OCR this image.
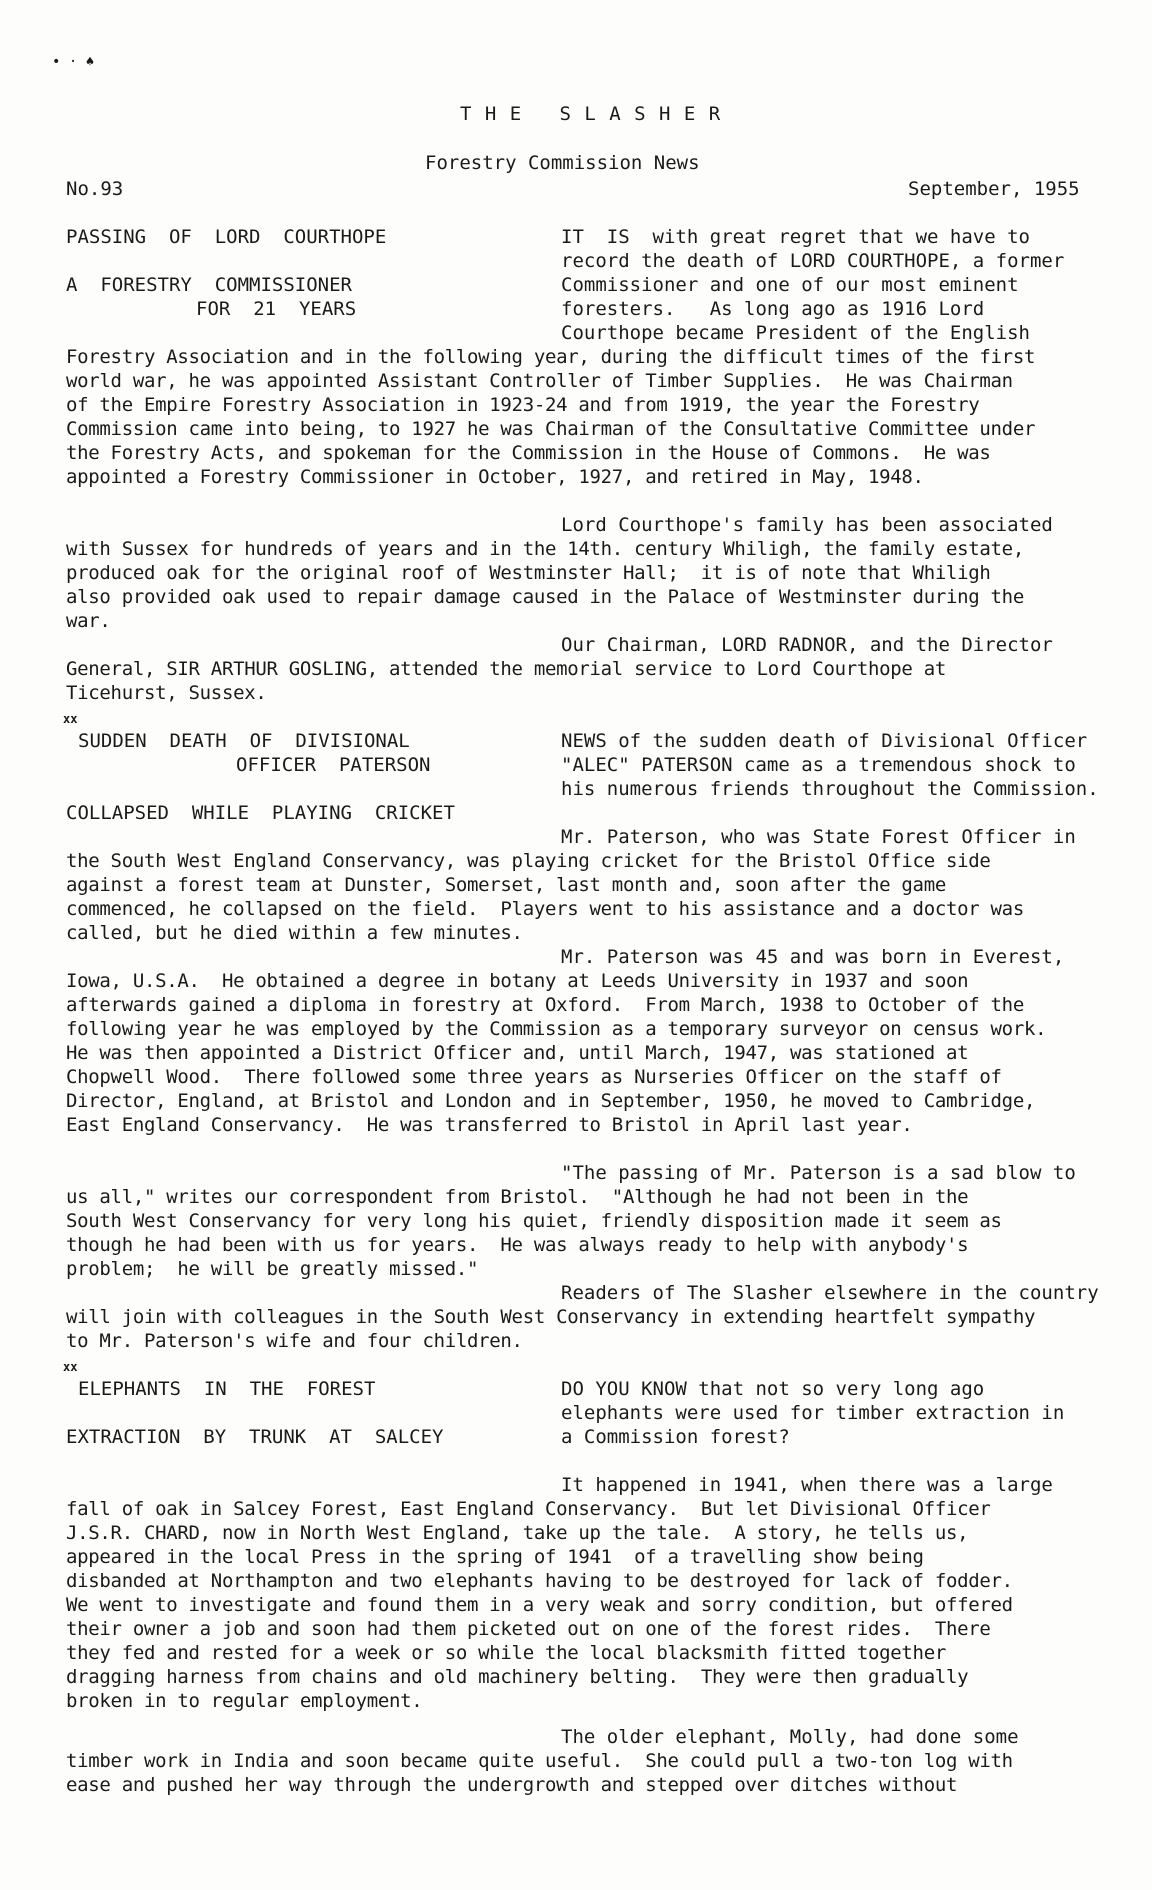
• · ♠
T H E   S L A S H E R
Forestry Commission News
No.93	September, 1955
PASSING  OF  LORD  COURTHOPE
A  FORESTRY  COMMISSIONER
FOR  21  YEARS
IT  IS  with great regret that we have to
record the death of LORD COURTHOPE, a former
Commissioner and one of our most eminent
foresters.   As long ago as 1916 Lord
Courthope became President of the English
Forestry Association and in the following year, during the difficult times of the first
world war, he was appointed Assistant Controller of Timber Supplies.  He was Chairman
of the Empire Forestry Association in 1923-24 and from 1919, the year the Forestry
Commission came into being, to 1927 he was Chairman of the Consultative Committee under
the Forestry Acts, and spokeman for the Commission in the House of Commons.  He was
appointed a Forestry Commissioner in October, 1927, and retired in May, 1948.
Lord Courthope's family has been associated
with Sussex for hundreds of years and in the 14th. century Whiligh, the family estate,
produced oak for the original roof of Westminster Hall;  it is of note that Whiligh
also provided oak used to repair damage caused in the Palace of Westminster during the
war.
Our Chairman, LORD RADNOR, and the Director
General, SIR ARTHUR GOSLING, attended the memorial service to Lord Courthope at
Ticehurst, Sussex.
xx
SUDDEN  DEATH  OF  DIVISIONAL
OFFICER  PATERSON
COLLAPSED  WHILE  PLAYING  CRICKET
NEWS of the sudden death of Divisional Officer
"ALEC" PATERSON came as a tremendous shock to
his numerous friends throughout the Commission.
Mr. Paterson, who was State Forest Officer in
the South West England Conservancy, was playing cricket for the Bristol Office side
against a forest team at Dunster, Somerset, last month and, soon after the game
commenced, he collapsed on the field.  Players went to his assistance and a doctor was
called, but he died within a few minutes.
Mr. Paterson was 45 and was born in Everest,
Iowa, U.S.A.  He obtained a degree in botany at Leeds University in 1937 and soon
afterwards gained a diploma in forestry at Oxford.  From March, 1938 to October of the
following year he was employed by the Commission as a temporary surveyor on census work.
He was then appointed a District Officer and, until March, 1947, was stationed at
Chopwell Wood.  There followed some three years as Nurseries Officer on the staff of
Director, England, at Bristol and London and in September, 1950, he moved to Cambridge,
East England Conservancy.  He was transferred to Bristol in April last year.
"The passing of Mr. Paterson is a sad blow to
us all," writes our correspondent from Bristol.  "Although he had not been in the
South West Conservancy for very long his quiet, friendly disposition made it seem as
though he had been with us for years.  He was always ready to help with anybody's
problem;  he will be greatly missed."
Readers of The Slasher elsewhere in the country
will join with colleagues in the South West Conservancy in extending heartfelt sympathy
to Mr. Paterson's wife and four children.
xx
ELEPHANTS  IN  THE  FOREST
EXTRACTION  BY  TRUNK  AT  SALCEY
DO YOU KNOW that not so very long ago
elephants were used for timber extraction in
a Commission forest?
It happened in 1941, when there was a large
fall of oak in Salcey Forest, East England Conservancy.  But let Divisional Officer
J.S.R. CHARD, now in North West England, take up the tale.  A story, he tells us,
appeared in the local Press in the spring of 1941  of a travelling show being
disbanded at Northampton and two elephants having to be destroyed for lack of fodder.
We went to investigate and found them in a very weak and sorry condition, but offered
their owner a job and soon had them picketed out on one of the forest rides.  There
they fed and rested for a week or so while the local blacksmith fitted together
dragging harness from chains and old machinery belting.  They were then gradually
broken in to regular employment.
The older elephant, Molly, had done some
timber work in India and soon became quite useful.  She could pull a two-ton log with
ease and pushed her way through the undergrowth and stepped over ditches without
